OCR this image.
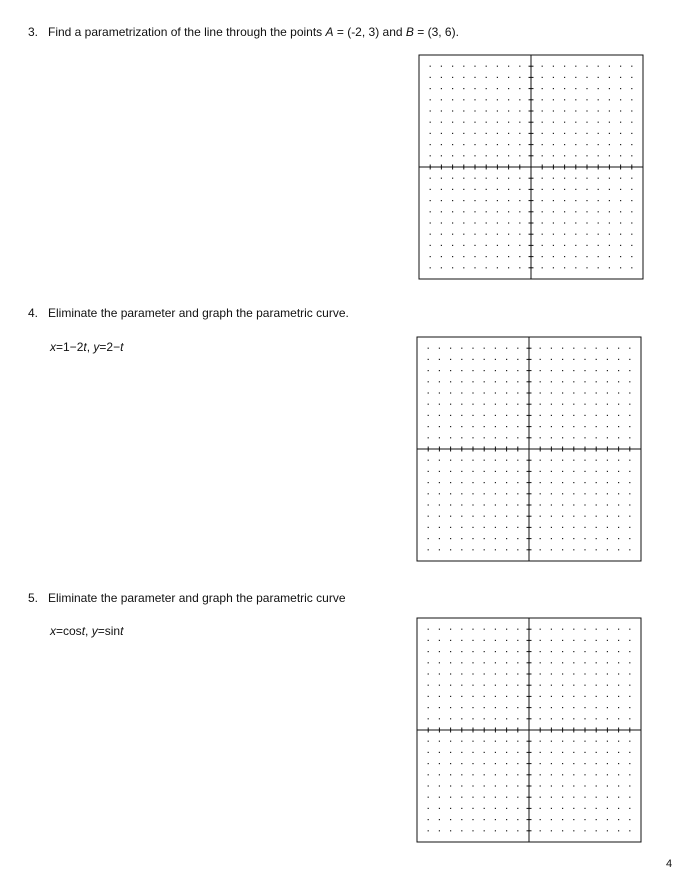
3. Find a parametrization of the line through the points A = (-2, 3) and B = (3, 6).
4. Eliminate the parameter and graph the parametric curve.
x=1−2t, y=2−t
5. Eliminate the parameter and graph the parametric curve
x=cost, y=sint
4
